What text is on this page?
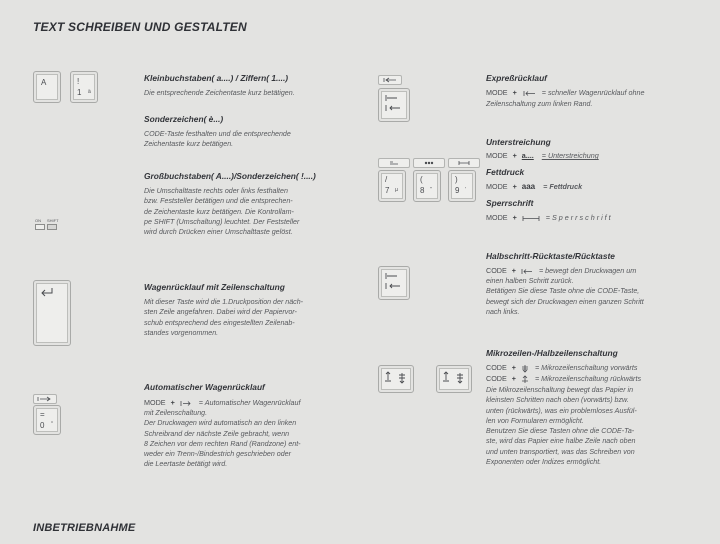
TEXT SCHREIBEN UND GESTALTEN
A	!
1 ä
ON SHIFT
=
0 °
Kleinbuchstaben( a....) / Ziffern( 1....)
Die entsprechende Zeichentaste kurz betätigen.
Sonderzeichen( è...)
CODE-Taste festhalten und die entsprechende
Zeichentaste kurz betätigen.
Großbuchstaben( A....)/Sonderzeichen( !....)
Die Umschalttaste rechts oder links festhalten
bzw. Feststeller betätigen und die entsprechen-
de Zeichentaste kurz betätigen. Die Kontrollam-
pe SHIFT (Umschaltung) leuchtet. Der Feststeller
wird durch Drücken einer Umschalttaste gelöst.
Wagenrücklauf mit Zeilenschaltung
Mit dieser Taste wird die 1.Druckposition der näch-
sten Zeile angefahren. Dabei wird der Papiervor-
schub entsprechend des eingestellten Zeilenab-
standes vorgenommen.
Automatischer Wagenrücklauf
MODE +	= Automatischer Wagenrücklauf
mit Zeilenschaltung.
Der Druckwagen wird automatisch an den linken
Schreibrand der nächste Zeile gebracht, wenn
8 Zeichen vor dem rechten Rand (Randzone) ent-
weder ein Trenn-/Bindestrich geschrieben oder
die Leertaste betätigt wird.
/
7 µ
(
8 "
)
9 '
Expreßrücklauf
MODE +	= schneller Wagenrücklauf ohne
Zeilenschaltung zum linken Rand.
Unterstreichung
MODE + a.... = Unterstreichung
Fettdruck
MODE + aaa = Fettdruck
Sperrschrift
MODE +	= S p e r r s c h r i f t
Halbschritt-Rücktaste/Rücktaste
CODE +	= bewegt den Druckwagen um
einen halben Schritt zurück.
Betätigen Sie diese Taste ohne die CODE-Taste,
bewegt sich der Druckwagen einen ganzen Schritt
nach links.
Mikrozeilen-/Halbzeilenschaltung
CODE +	= Mikrozeilenschaltung vorwärts
CODE +	= Mikrozeilenschaltung rückwärts
Die Mikrozeilenschaltung bewegt das Papier in
kleinsten Schritten nach oben (vorwärts) bzw.
unten (rückwärts), was ein problemloses Ausfül-
len von Formularen ermöglicht.
Benutzen Sie diese Tasten ohne die CODE-Ta-
ste, wird das Papier eine halbe Zeile nach oben
und unten transportiert, was das Schreiben von
Exponenten oder Indizes ermöglicht.
INBETRIEBNAHME
